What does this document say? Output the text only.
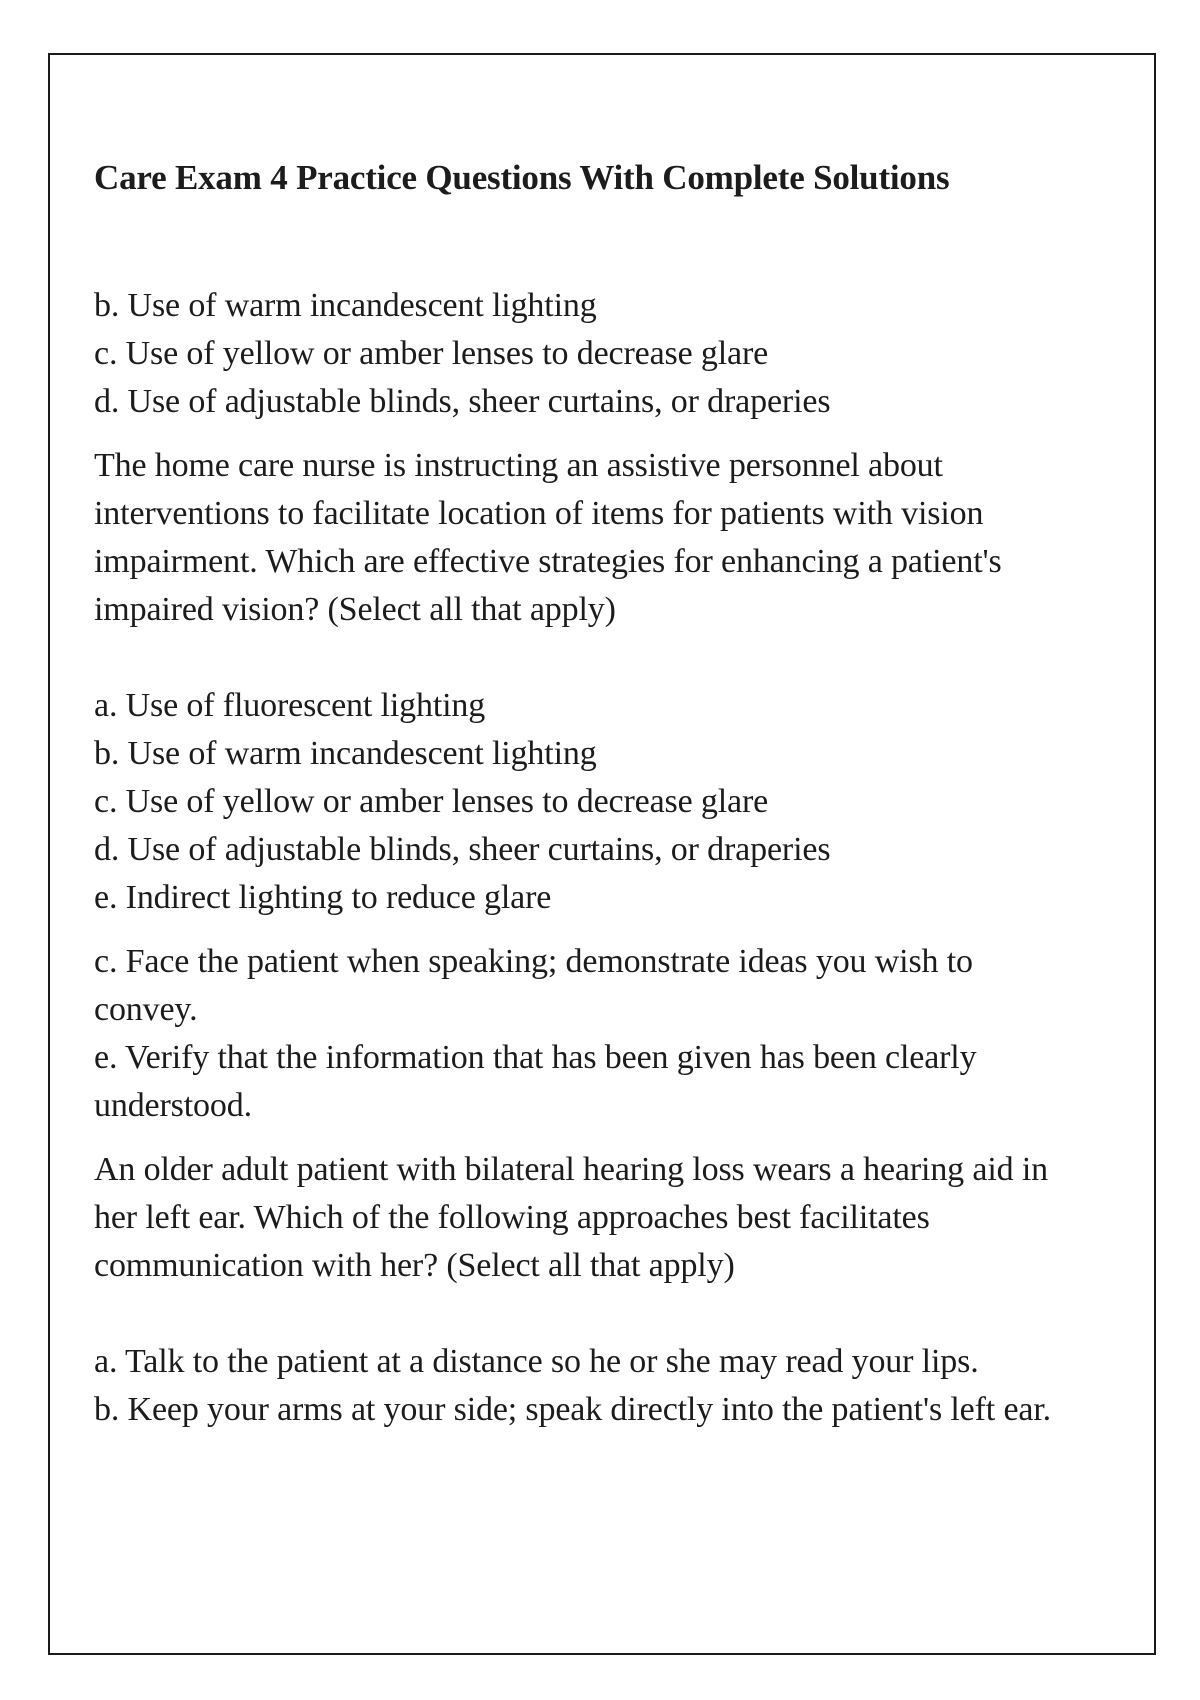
Care Exam 4 Practice Questions With Complete Solutions

b. Use of warm incandescent lighting

c. Use of yellow or amber lenses to decrease glare

d. Use of adjustable blinds, sheer curtains, or draperies

The home care nurse is instructing an assistive personnel about interventions to facilitate location of items for patients with vision impairment. Which are effective strategies for enhancing a patient's impaired vision? (Select all that apply)

a. Use of fluorescent lighting

b. Use of warm incandescent lighting

c. Use of yellow or amber lenses to decrease glare

d. Use of adjustable blinds, sheer curtains, or draperies

e. Indirect lighting to reduce glare

c. Face the patient when speaking; demonstrate ideas you wish to convey.

e. Verify that the information that has been given has been clearly understood.

An older adult patient with bilateral hearing loss wears a hearing aid in her left ear. Which of the following approaches best facilitates communication with her? (Select all that apply)

a. Talk to the patient at a distance so he or she may read your lips.

b. Keep your arms at your side; speak directly into the patient's left ear.
